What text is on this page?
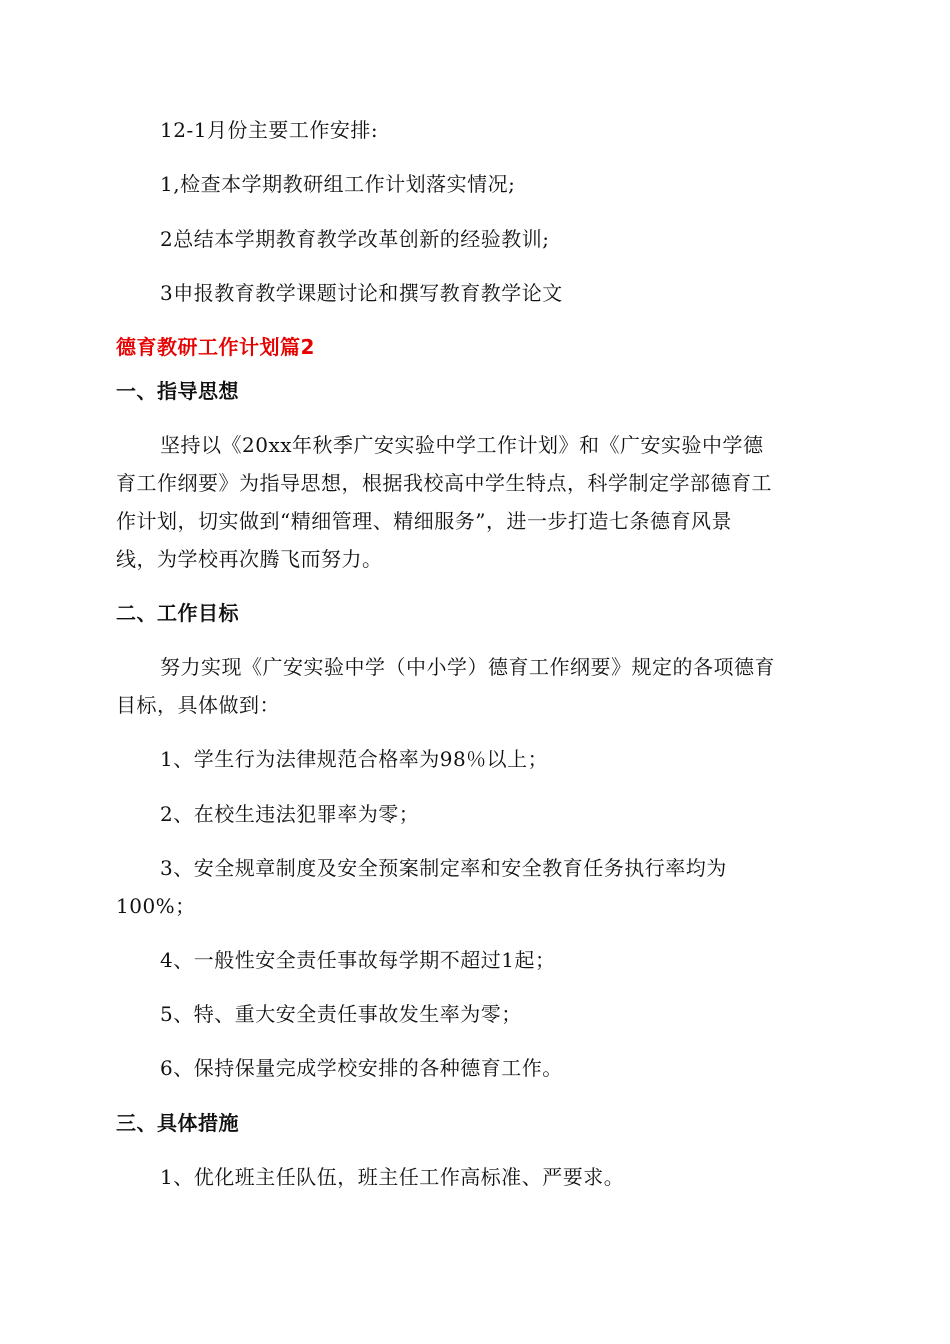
12-1月份主要工作安排:
1,检查本学期教研组工作计划落实情况;
2总结本学期教育教学改革创新的经验教训;
3申报教育教学课题讨论和撰写教育教学论文
德育教研工作计划篇2
一、指导思想
坚持以《20xx年秋季广安实验中学工作计划》和《广安实验中学德
育工作纲要》为指导思想，根据我校高中学生特点，科学制定学部德育工
作计划，切实做到“精细管理、精细服务”，进一步打造七条德育风景
线，为学校再次腾飞而努力。
二、工作目标
努力实现《广安实验中学（中小学）德育工作纲要》规定的各项德育
目标，具体做到：
1、学生行为法律规范合格率为98％以上；
2、在校生违法犯罪率为零；
3、安全规章制度及安全预案制定率和安全教育任务执行率均为
100%；
4、一般性安全责任事故每学期不超过1起；
5、特、重大安全责任事故发生率为零；
6、保持保量完成学校安排的各种德育工作。
三、具体措施
1、优化班主任队伍，班主任工作高标准、严要求。
